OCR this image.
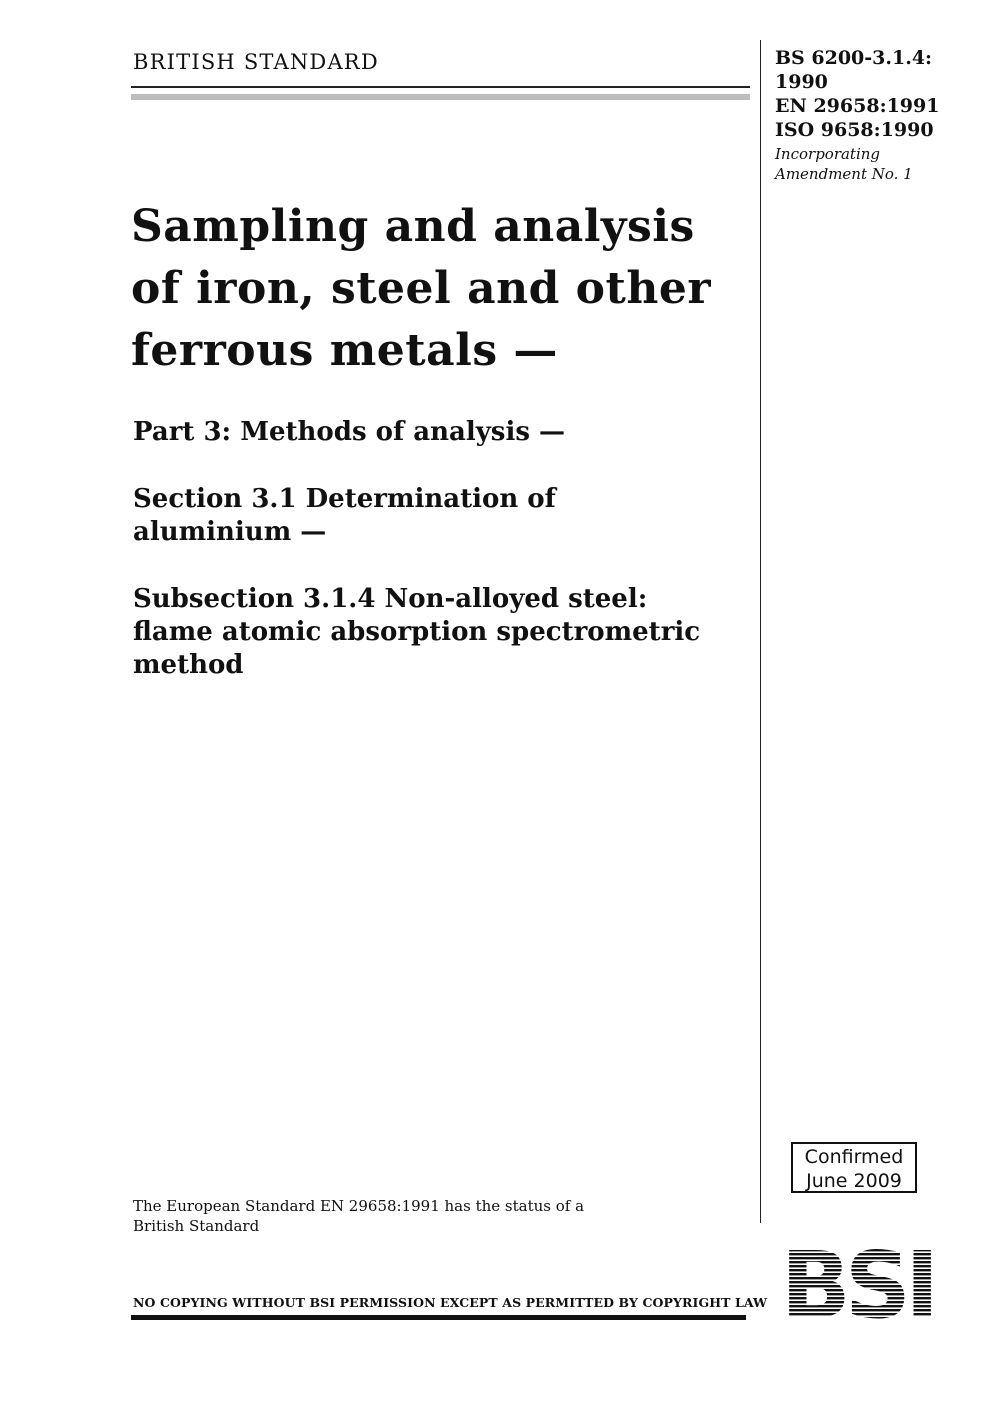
BRITISH STANDARD	BS 6200-3.1.4:
1990
EN 29658:1991
ISO 9658:1990
Incorporating
Amendment No. 1
Sampling and analysis
of iron, steel and other
ferrous metals —
Part 3: Methods of analysis —
Section 3.1 Determination of
aluminium —
Subsection 3.1.4 Non-alloyed steel:
flame atomic absorption spectrometric
method
Confirmed
June 2009
The European Standard EN 29658:1991 has the status of a
British Standard
NO COPYING WITHOUT BSI PERMISSION EXCEPT AS PERMITTED BY COPYRIGHT LAW
